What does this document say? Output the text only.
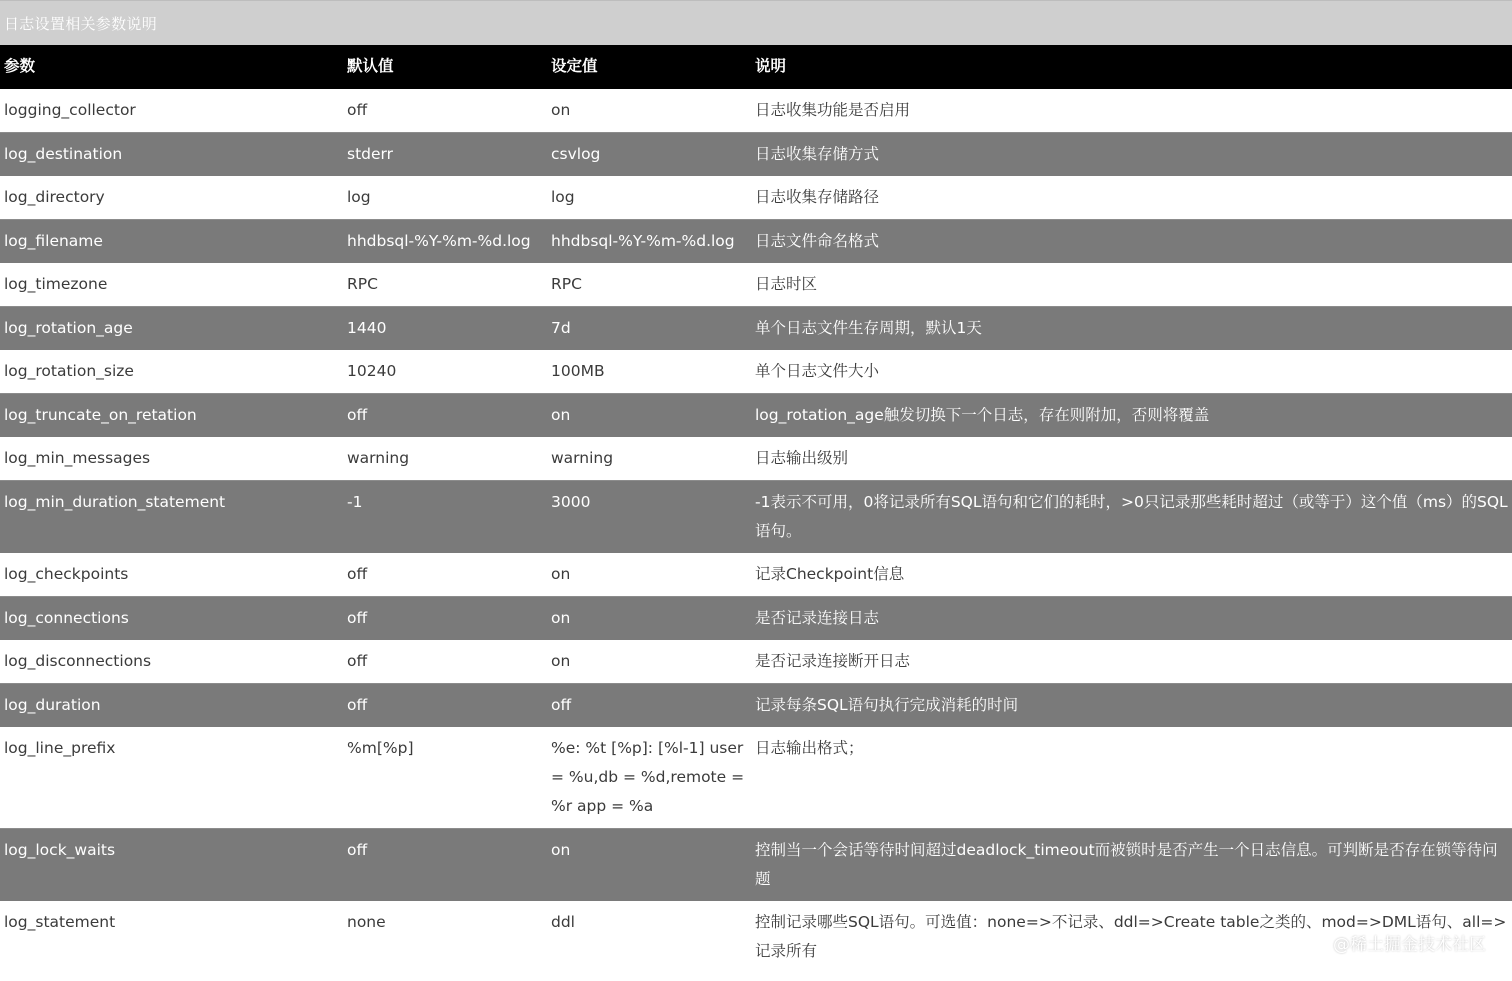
日志设置相关参数说明
参数	默认值	设定值	说明
logging_collector	off	on	日志收集功能是否启用
log_destination	stderr	csvlog	日志收集存储方式
log_directory	log	log	日志收集存储路径
log_filename	hhdbsql-%Y-%m-%d.log	hhdbsql-%Y-%m-%d.log	日志文件命名格式
log_timezone	RPC	RPC	日志时区
log_rotation_age	1440	7d	单个日志文件生存周期，默认1天
log_rotation_size	10240	100MB	单个日志文件大小
log_truncate_on_retation	off	on	log_rotation_age触发切换下一个日志，存在则附加，否则将覆盖
log_min_messages	warning	warning	日志输出级别
log_min_duration_statement	-1	3000	-1表示不可用，0将记录所有SQL语句和它们的耗时，>0只记录那些耗时超过（或等于）这个值（ms）的SQL语句。
log_checkpoints	off	on	记录Checkpoint信息
log_connections	off	on	是否记录连接日志
log_disconnections	off	on	是否记录连接断开日志
log_duration	off	off	记录每条SQL语句执行完成消耗的时间
log_line_prefix	%m[%p]	%e: %t [%p]: [%l-1] user = %u,db = %d,remote = %r app = %a	日志输出格式；
log_lock_waits	off	on	控制当一个会话等待时间超过deadlock_timeout而被锁时是否产生一个日志信息。可判断是否存在锁等待问题
log_statement	none	ddl	控制记录哪些SQL语句。可选值：none=>不记录、ddl=>Create table之类的、mod=>DML语句、all=>记录所有	@稀土掘金技术社区
